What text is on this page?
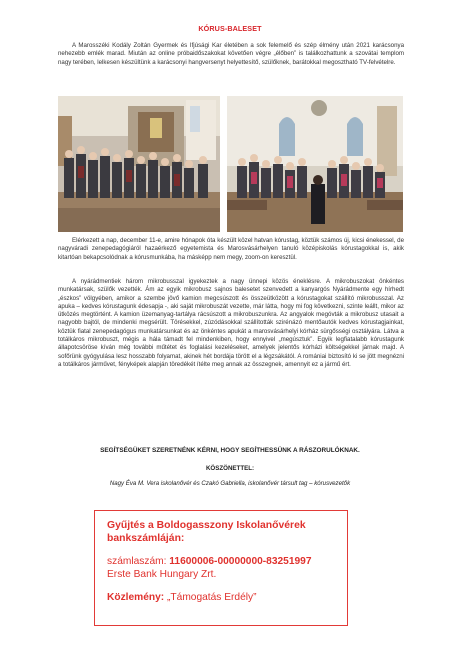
KÓRUS-BALESET

A Marosszéki Kodály Zoltán Gyermek és Ifjúsági Kar életében a sok felemelő és szép élmény után 2021 karácsonya nehezebb emlék marad. Miután az online próbaidőszakokat követően végre „élőben” is találkozhattunk a szovátai templom nagy terében, lelkesen készültünk a karácsonyi hangversenyt helyettesítő, szülőknek, barátokkal megosztható TV-felvételre.

Elérkezett a nap, december 11-e, amire hónapok óta készült közel hatvan kórustag, köztük számos új, kicsi énekessel, de nagyváradi zenepedagógiáról hazaérkező egyetemista és Marosvásárhelyen tanuló középiskolás kórustagokkal is, akik kitartóan bekapcsolódnak a kórusmunkába, ha másképp nem megy, zoom-on keresztül.

A nyárádmentiek három mikrobusszal igyekeztek a nagy ünnepi közös éneklésre. A mikrobuszokat önkéntes munkatársak, szülők vezették. Ám az egyik mikrobusz sajnos balesetet szenvedett a kanyargós Nyárádmente egy hírhedt „észkos” völgyében, amikor a szembe jövő kamion megcsúszott és összeütközött a kórustagokat szállító mikrobusszal. Az apuka – kedves kórustagunk édesapja -, aki saját mikrobuszát vezette, már látta, hogy mi fog következni, szinte leállt, mikor az ütközés megtörtént. A kamion üzemanyag-tartálya rácsúszott a mikrobuszunkra. Az angyalok megóvták a mikrobusz utasait a nagyobb bajtól, de mindenki megsérült. Törésekkel, zúzódásokkal szállították szirénázó mentőautók kedves kórustagjainkat, köztük fiatal zenepedagógus munkatársunkat és az önkéntes apukát a marosvásárhelyi kórház sürgősségi osztályára. Látva a totálkáros mikrobuszt, mégis a hála támadt fel mindenkiben, hogy ennyivel „megúsztuk”. Egyik legfiatalabb kórustagunk állapotcsöröse kíván még további műtétet és foglalási kezeléseket, amelyek jelentős kórházi költségekkel járnak majd. A sofőrünk gyógyulása lesz hosszabb folyamat, akinek hét bordája törött el a légzsákától. A romániai biztosító ki se jött megnézni a totálkáros járművet, fényképek alapján töredékét ítélte meg annak az összegnek, amennyit ez a jármű ért.

SEGÍTSÉGÜKET SZERETNÉNK KÉRNI, HOGY SEGÍTHESSÜNK A RÁSZORULÓKNAK.
KÖSZÖNETTEL:
Nagy Éva M. Vera iskolanővér és Czakó Gabriella, iskolanővér társult tag – kórusvezetők

Gyűjtés a Boldogasszony Iskolanővérek

bankszámláján:

számlaszám: 11600006-00000000-83251997

Erste Bank Hungary Zrt.

Közlemény: „Támogatás Erdély”
